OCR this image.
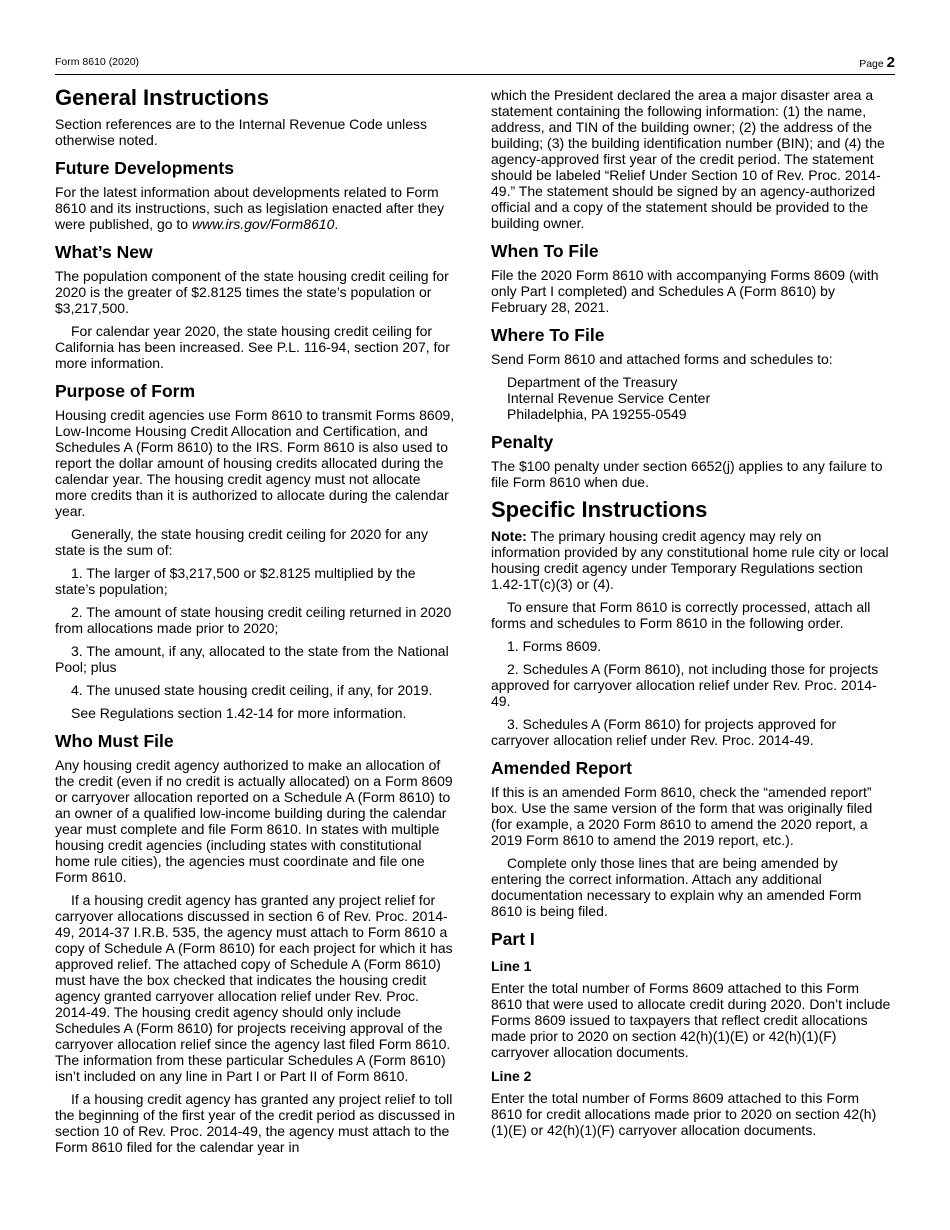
Form 8610 (2020)	Page 2
General Instructions

Section references are to the Internal Revenue Code unless otherwise noted.

Future Developments

For the latest information about developments related to Form 8610 and its instructions, such as legislation enacted after they were published, go to www.irs.gov/Form8610.

What’s New

The population component of the state housing credit ceiling for 2020 is the greater of $2.8125 times the state’s population or $3,217,500.

For calendar year 2020, the state housing credit ceiling for California has been increased. See P.L. 116-94, section 207, for more information.

Purpose of Form

Housing credit agencies use Form 8610 to transmit Forms 8609, Low-Income Housing Credit Allocation and Certification, and Schedules A (Form 8610) to the IRS. Form 8610 is also used to report the dollar amount of housing credits allocated during the calendar year. The housing credit agency must not allocate more credits than it is authorized to allocate during the calendar year.

Generally, the state housing credit ceiling for 2020 for any state is the sum of:

1. The larger of $3,217,500 or $2.8125 multiplied by the state’s population;

2. The amount of state housing credit ceiling returned in 2020 from allocations made prior to 2020;

3. The amount, if any, allocated to the state from the National Pool; plus

4. The unused state housing credit ceiling, if any, for 2019.

See Regulations section 1.42-14 for more information.

Who Must File

Any housing credit agency authorized to make an allocation of the credit (even if no credit is actually allocated) on a Form 8609 or carryover allocation reported on a Schedule A (Form 8610) to an owner of a qualified low-income building during the calendar year must complete and file Form 8610. In states with multiple housing credit agencies (including states with constitutional home rule cities), the agencies must coordinate and file one Form 8610.

If a housing credit agency has granted any project relief for carryover allocations discussed in section 6 of Rev. Proc. 2014-49, 2014-37 I.R.B. 535, the agency must attach to Form 8610 a copy of Schedule A (Form 8610) for each project for which it has approved relief. The attached copy of Schedule A (Form 8610) must have the box checked that indicates the housing credit agency granted carryover allocation relief under Rev. Proc. 2014-49. The housing credit agency should only include Schedules A (Form 8610) for projects receiving approval of the carryover allocation relief since the agency last filed Form 8610. The information from these particular Schedules A (Form 8610) isn’t included on any line in Part I or Part II of Form 8610.

If a housing credit agency has granted any project relief to toll the beginning of the first year of the credit period as discussed in section 10 of Rev. Proc. 2014-49, the agency must attach to the Form 8610 filed for the calendar year in

which the President declared the area a major disaster area a statement containing the following information: (1) the name, address, and TIN of the building owner; (2) the address of the building; (3) the building identification number (BIN); and (4) the agency-approved first year of the credit period. The statement should be labeled “Relief Under Section 10 of Rev. Proc. 2014-49.” The statement should be signed by an agency-authorized official and a copy of the statement should be provided to the building owner.

When To File

File the 2020 Form 8610 with accompanying Forms 8609 (with only Part I completed) and Schedules A (Form 8610) by February 28, 2021.

Where To File

Send Form 8610 and attached forms and schedules to:

Department of the Treasury
Internal Revenue Service Center
Philadelphia, PA 19255-0549
Penalty

The $100 penalty under section 6652(j) applies to any failure to file Form 8610 when due.

Specific Instructions

Note: The primary housing credit agency may rely on information provided by any constitutional home rule city or local housing credit agency under Temporary Regulations section 1.42-1T(c)(3) or (4).

To ensure that Form 8610 is correctly processed, attach all forms and schedules to Form 8610 in the following order.

1. Forms 8609.

2. Schedules A (Form 8610), not including those for projects approved for carryover allocation relief under Rev. Proc. 2014-49.

3. Schedules A (Form 8610) for projects approved for carryover allocation relief under Rev. Proc. 2014-49.

Amended Report

If this is an amended Form 8610, check the “amended report” box. Use the same version of the form that was originally filed (for example, a 2020 Form 8610 to amend the 2020 report, a 2019 Form 8610 to amend the 2019 report, etc.).

Complete only those lines that are being amended by entering the correct information. Attach any additional documentation necessary to explain why an amended Form 8610 is being filed.

Part I
Line 1

Enter the total number of Forms 8609 attached to this Form 8610 that were used to allocate credit during 2020. Don’t include Forms 8609 issued to taxpayers that reflect credit allocations made prior to 2020 on section 42(h)(1)(E) or 42(h)(1)(F) carryover allocation documents.

Line 2

Enter the total number of Forms 8609 attached to this Form 8610 for credit allocations made prior to 2020 on section 42(h)(1)(E) or 42(h)(1)(F) carryover allocation documents.
